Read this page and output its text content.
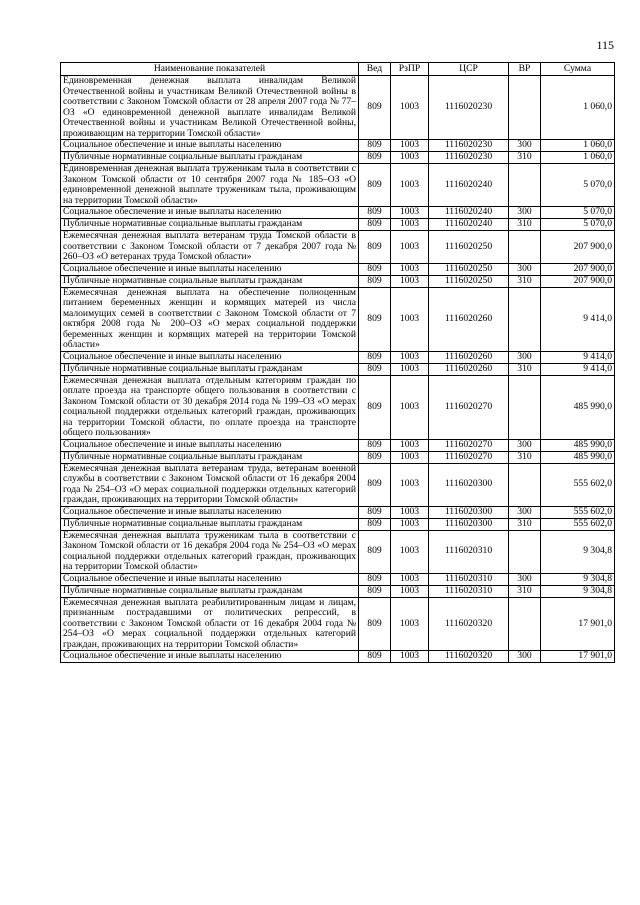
115
Наименование показателей	Вед	РзПР	ЦСР	ВР	Сумма
Единовременная денежная выплата инвалидам Великой Отечественной войны и участникам Великой Отечественной войны в соответствии с Законом Томской области от 28 апреля 2007 года № 77–ОЗ «О единовременной денежной выплате инвалидам Великой Отечественной войны и участникам Великой Отечественной войны, проживающим на территории Томской области»	809	1003	1116020230		1 060,0
Социальное обеспечение и иные выплаты населению	809	1003	1116020230	300	1 060,0
Публичные нормативные социальные выплаты гражданам	809	1003	1116020230	310	1 060,0
Единовременная денежная выплата труженикам тыла в соответствии с Законом Томской области от 10 сентября 2007 года № 185–ОЗ «О единовременной денежной выплате труженикам тыла, проживающим на территории Томской области»	809	1003	1116020240		5 070,0
Социальное обеспечение и иные выплаты населению	809	1003	1116020240	300	5 070,0
Публичные нормативные социальные выплаты гражданам	809	1003	1116020240	310	5 070,0
Ежемесячная денежная выплата ветеранам труда Томской области в соответствии с Законом Томской области от 7 декабря 2007 года № 260–ОЗ «О ветеранах труда Томской области»	809	1003	1116020250		207 900,0
Социальное обеспечение и иные выплаты населению	809	1003	1116020250	300	207 900,0
Публичные нормативные социальные выплаты гражданам	809	1003	1116020250	310	207 900,0
Ежемесячная денежная выплата на обеспечение полноценным питанием беременных женщин и кормящих матерей из числа малоимущих семей в соответствии с Законом Томской области от 7 октября 2008 года № 200–ОЗ «О мерах социальной поддержки беременных женщин и кормящих матерей на территории Томской области»	809	1003	1116020260		9 414,0
Социальное обеспечение и иные выплаты населению	809	1003	1116020260	300	9 414,0
Публичные нормативные социальные выплаты гражданам	809	1003	1116020260	310	9 414,0
Ежемесячная денежная выплата отдельным категориям граждан по оплате проезда на транспорте общего пользования в соответствии с Законом Томской области от 30 декабря 2014 года № 199–ОЗ «О мерах социальной поддержки отдельных категорий граждан, проживающих на территории Томской области, по оплате проезда на транспорте общего пользования»	809	1003	1116020270		485 990,0
Социальное обеспечение и иные выплаты населению	809	1003	1116020270	300	485 990,0
Публичные нормативные социальные выплаты гражданам	809	1003	1116020270	310	485 990,0
Ежемесячная денежная выплата ветеранам труда, ветеранам военной службы в соответствии с Законом Томской области от 16 декабря 2004 года № 254–ОЗ «О мерах социальной поддержки отдельных категорий граждан, проживающих на территории Томской области»	809	1003	1116020300		555 602,0
Социальное обеспечение и иные выплаты населению	809	1003	1116020300	300	555 602,0
Публичные нормативные социальные выплаты гражданам	809	1003	1116020300	310	555 602,0
Ежемесячная денежная выплата труженикам тыла в соответствии с Законом Томской области от 16 декабря 2004 года № 254–ОЗ «О мерах социальной поддержки отдельных категорий граждан, проживающих на территории Томской области»	809	1003	1116020310		9 304,8
Социальное обеспечение и иные выплаты населению	809	1003	1116020310	300	9 304,8
Публичные нормативные социальные выплаты гражданам	809	1003	1116020310	310	9 304,8
Ежемесячная денежная выплата реабилитированным лицам и лицам, признанным пострадавшими от политических репрессий, в соответствии с Законом Томской области от 16 декабря 2004 года № 254–ОЗ «О мерах социальной поддержки отдельных категорий граждан, проживающих на территории Томской области»	809	1003	1116020320		17 901,0
Социальное обеспечение и иные выплаты населению	809	1003	1116020320	300	17 901,0
